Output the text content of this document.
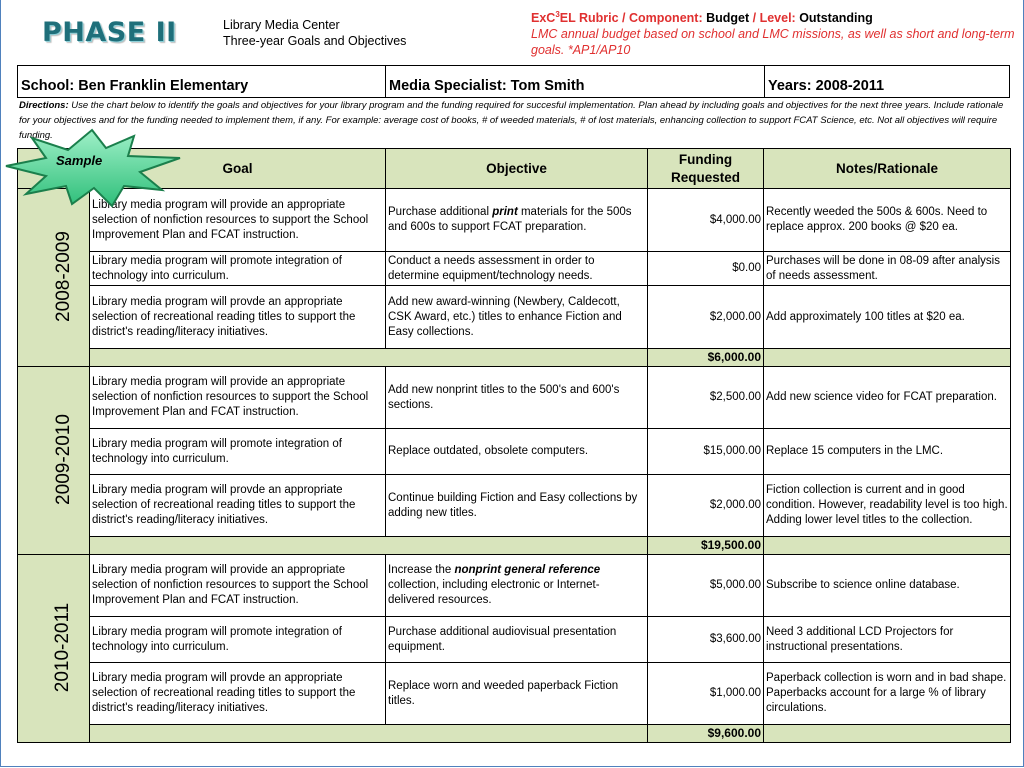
PHASE II	Library Media Center
Three-year Goals and Objectives
ExC$^3$EL Rubric / Component: Budget / Level: Outstanding
LMC annual budget based on school and LMC missions, as well as short and long-term goals. *AP1/AP10
School: Ben Franklin Elementary	Media Specialist: Tom Smith	Years: 2008-2011
Directions: Use the chart below to identify the goals and objectives for your library program and the funding required for succesful implementation. Plan ahead by including goals and objectives for the next three years. Include rationale for your objectives and for the funding needed to implement them, if any. For example: average cost of books, # of weeded materials, # of lost materials, enhancing collection to support FCAT Science, etc. Not all objectives will require funding.
	Goal	Objective	Funding Requested	Notes/Rationale
2008-2009	Library media program will provide an appropriate selection of nonfiction resources to support the School Improvement Plan and FCAT instruction.	Purchase additional print materials for the 500s and 600s to support FCAT preparation.	$4,000.00	Recently weeded the 500s & 600s. Need to replace approx. 200 books @ $20 ea.
	Library media program will promote integration of technology into curriculum.	Conduct a needs assessment in order to determine equipment/technology needs.	$0.00	Purchases will be done in 08-09 after analysis of needs assessment.
	Library media program will provde an appropriate selection of recreational reading titles to support the district's reading/literacy initiatives.	Add new award-winning (Newbery, Caldecott, CSK Award, etc.) titles to enhance Fiction and Easy collections.	$2,000.00	Add approximately 100 titles at $20 ea.
			$6,000.00	
2009-2010	Library media program will provide an appropriate selection of nonfiction resources to support the School Improvement Plan and FCAT instruction.	Add new nonprint titles to the 500's and 600's sections.	$2,500.00	Add new science video for FCAT preparation.
	Library media program will promote integration of technology into curriculum.	Replace outdated, obsolete computers.	$15,000.00	Replace 15 computers in the LMC.
	Library media program will provde an appropriate selection of recreational reading titles to support the district's reading/literacy initiatives.	Continue building Fiction and Easy collections by adding new titles.	$2,000.00	Fiction collection is current and in good condition. However, readability level is too high. Adding lower level titles to the collection.
			$19,500.00	
2010-2011	Library media program will provide an appropriate selection of nonfiction resources to support the School Improvement Plan and FCAT instruction.	Increase the nonprint general reference collection, including electronic or Internet-delivered resources.	$5,000.00	Subscribe to science online database.
	Library media program will promote integration of technology into curriculum.	Purchase additional audiovisual presentation equipment.	$3,600.00	Need 3 additional LCD Projectors for instructional presentations.
	Library media program will provde an appropriate selection of recreational reading titles to support the district's reading/literacy initiatives.	Replace worn and weeded paperback Fiction titles.	$1,000.00	Paperback collection is worn and in bad shape. Paperbacks account for a large % of library circulations.
			$9,600.00	
Sample
